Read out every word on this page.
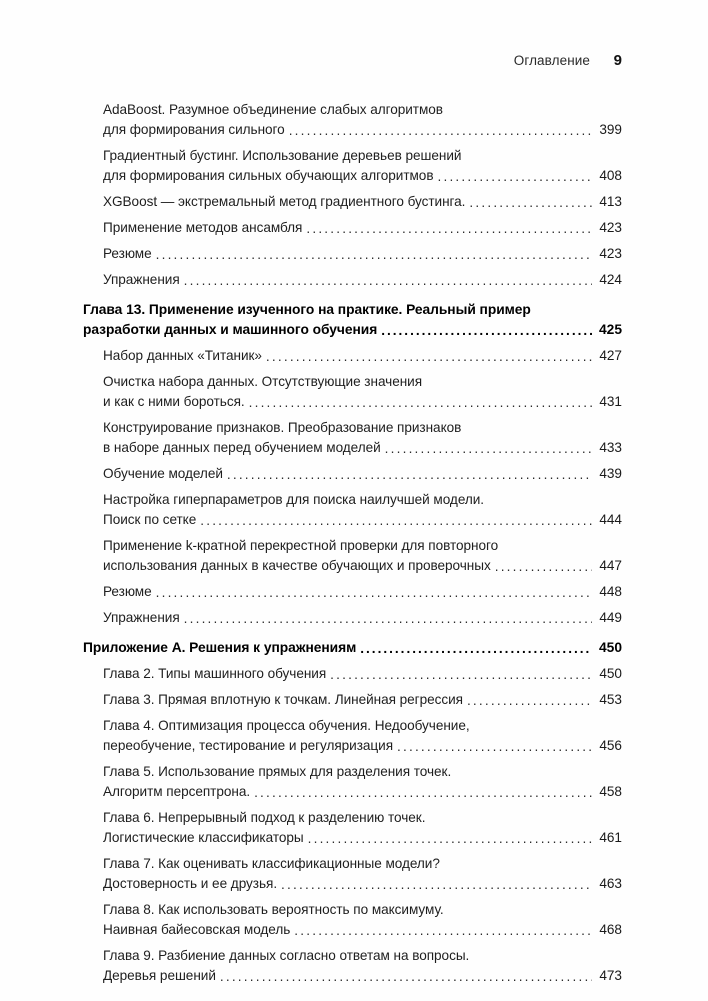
Оглавление 9
AdaBoost. Разумное объединение слабых алгоритмов
для формирования сильного .....	399
Градиентный бустинг. Использование деревьев решений
для формирования сильных обучающих алгоритмов .....	408
XGBoost — экстремальный метод градиентного бустинга. .....	413
Применение методов ансамбля .....	423
Резюме .....	423
Упражнения .....	424
Глава 13. Применение изученного на практике. Реальный пример
разработки данных и машинного обучения .....	425
Набор данных «Титаник» .....	427
Очистка набора данных. Отсутствующие значения
и как с ними бороться. .....	431
Конструирование признаков. Преобразование признаков
в наборе данных перед обучением моделей .....	433
Обучение моделей .....	439
Настройка гиперпараметров для поиска наилучшей модели.
Поиск по сетке .....	444
Применение k-кратной перекрестной проверки для повторного
использования данных в качестве обучающих и проверочных .....	447
Резюме .....	448
Упражнения .....	449
Приложение А. Решения к упражнениям .....	450
Глава 2. Типы машинного обучения .....	450
Глава 3. Прямая вплотную к точкам. Линейная регрессия .....	453
Глава 4. Оптимизация процесса обучения. Недообучение,
переобучение, тестирование и регуляризация .....	456
Глава 5. Использование прямых для разделения точек.
Алгоритм персептрона. .....	458
Глава 6. Непрерывный подход к разделению точек.
Логистические классификаторы .....	461
Глава 7. Как оценивать классификационные модели?
Достоверность и ее друзья. .....	463
Глава 8. Как использовать вероятность по максимуму.
Наивная байесовская модель .....	468
Глава 9. Разбиение данных согласно ответам на вопросы.
Деревья решений .....	473
